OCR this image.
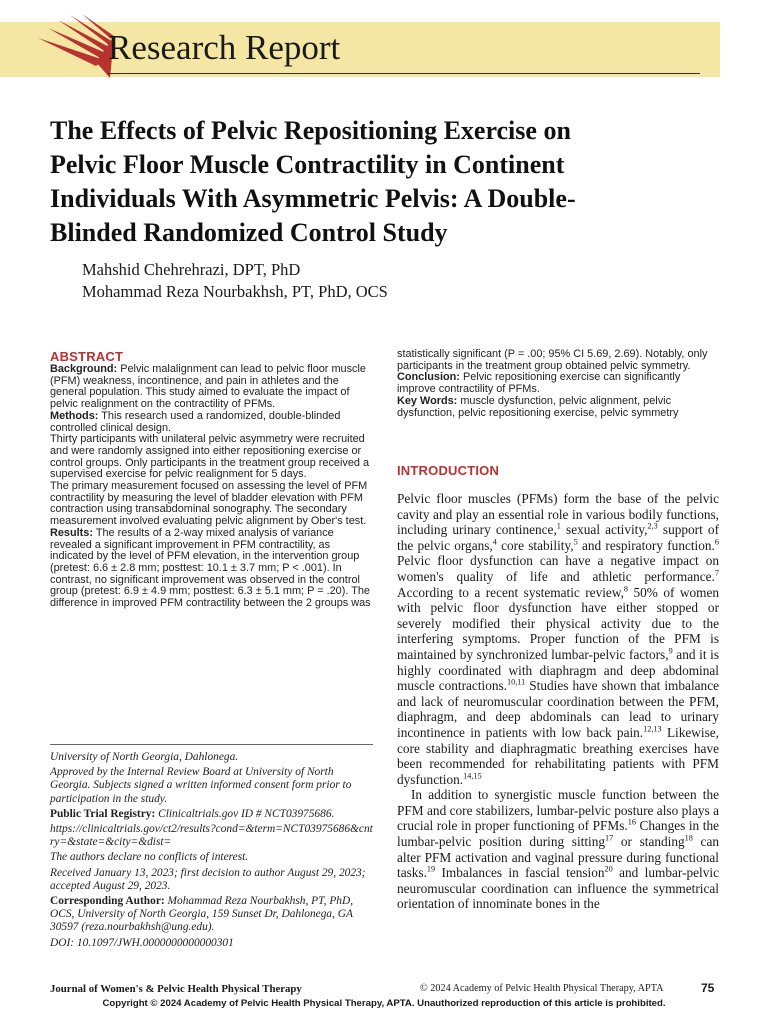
Research Report
The Effects of Pelvic Repositioning Exercise on
Pelvic Floor Muscle Contractility in Continent
Individuals With Asymmetric Pelvis: A Double-
Blinded Randomized Control Study
Mahshid Chehrehrazi, DPT, PhD
Mohammad Reza Nourbakhsh, PT, PhD, OCS
ABSTRACT
Background: Pelvic malalignment can lead to pelvic floor muscle (PFM) weakness, incontinence, and pain in athletes and the general population. This study aimed to evaluate the impact of pelvic realignment on the contractility of PFMs.
Methods: This research used a randomized, double-blinded controlled clinical design.
Thirty participants with unilateral pelvic asymmetry were recruited and were randomly assigned into either repositioning exercise or control groups. Only participants in the treatment group received a supervised exercise for pelvic realignment for 5 days.
The primary measurement focused on assessing the level of PFM contractility by measuring the level of bladder elevation with PFM contraction using transabdominal sonography. The secondary measurement involved evaluating pelvic alignment by Ober's test.
Results: The results of a 2-way mixed analysis of variance revealed a significant improvement in PFM contractility, as indicated by the level of PFM elevation, in the intervention group (pretest: 6.6 ± 2.8 mm; posttest: 10.1 ± 3.7 mm; P < .001). In contrast, no significant improvement was observed in the control group (pretest: 6.9 ± 4.9 mm; posttest: 6.3 ± 5.1 mm; P = .20). The difference in improved PFM contractility between the 2 groups was
statistically significant (P = .00; 95% CI 5.69, 2.69). Notably, only participants in the treatment group obtained pelvic symmetry.
Conclusion: Pelvic repositioning exercise can significantly improve contractility of PFMs.
Key Words: muscle dysfunction, pelvic alignment, pelvic dysfunction, pelvic repositioning exercise, pelvic symmetry

University of North Georgia, Dahlonega.

Approved by the Internal Review Board at University of North Georgia. Subjects signed a written informed consent form prior to participation in the study.

Public Trial Registry: Clinicaltrials.gov ID # NCT03975686.

https://clinicaltrials.gov/ct2/results?cond=&term=NCT03975686&cntry=&state=&city=&dist=

The authors declare no conflicts of interest.

Received January 13, 2023; first decision to author August 29, 2023; accepted August 29, 2023.

Corresponding Author: Mohammad Reza Nourbakhsh, PT, PhD, OCS, University of North Georgia, 159 Sunset Dr, Dahlonega, GA 30597 (reza.nourbakhsh@ung.edu).

DOI: 10.1097/JWH.0000000000000301

INTRODUCTION

Pelvic floor muscles (PFMs) form the base of the pelvic cavity and play an essential role in various bodily functions, including urinary continence,$^1$ sexual activity,$^{2,3}$ support of the pelvic organs,$^4$ core stability,$^5$ and respiratory function.$^6$ Pelvic floor dysfunction can have a negative impact on women's quality of life and athletic performance.$^7$ According to a recent systematic review,$^8$ 50% of women with pelvic floor dysfunction have either stopped or severely modified their physical activity due to the interfering symptoms. Proper function of the PFM is maintained by synchronized lumbar-pelvic factors,$^9$ and it is highly coordinated with diaphragm and deep abdominal muscle contractions.$^{10,11}$ Studies have shown that imbalance and lack of neuromuscular coordination between the PFM, diaphragm, and deep abdominals can lead to urinary incontinence in patients with low back pain.$^{12,13}$ Likewise, core stability and diaphragmatic breathing exercises have been recommended for rehabilitating patients with PFM dysfunction.$^{14,15}$

In addition to synergistic muscle function between the PFM and core stabilizers, lumbar-pelvic posture also plays a crucial role in proper functioning of PFMs.$^{16}$ Changes in the lumbar-pelvic position during sitting$^{17}$ or standing$^{18}$ can alter PFM activation and vaginal pressure during functional tasks.$^{19}$ Imbalances in fascial tension$^{20}$ and lumbar-pelvic neuromuscular coordination can influence the symmetrical orientation of innominate bones in the

Journal of Women's & Pelvic Health Physical Therapy	© 2024 Academy of Pelvic Health Physical Therapy, APTA	75
Copyright © 2024 Academy of Pelvic Health Physical Therapy, APTA. Unauthorized reproduction of this article is prohibited.
